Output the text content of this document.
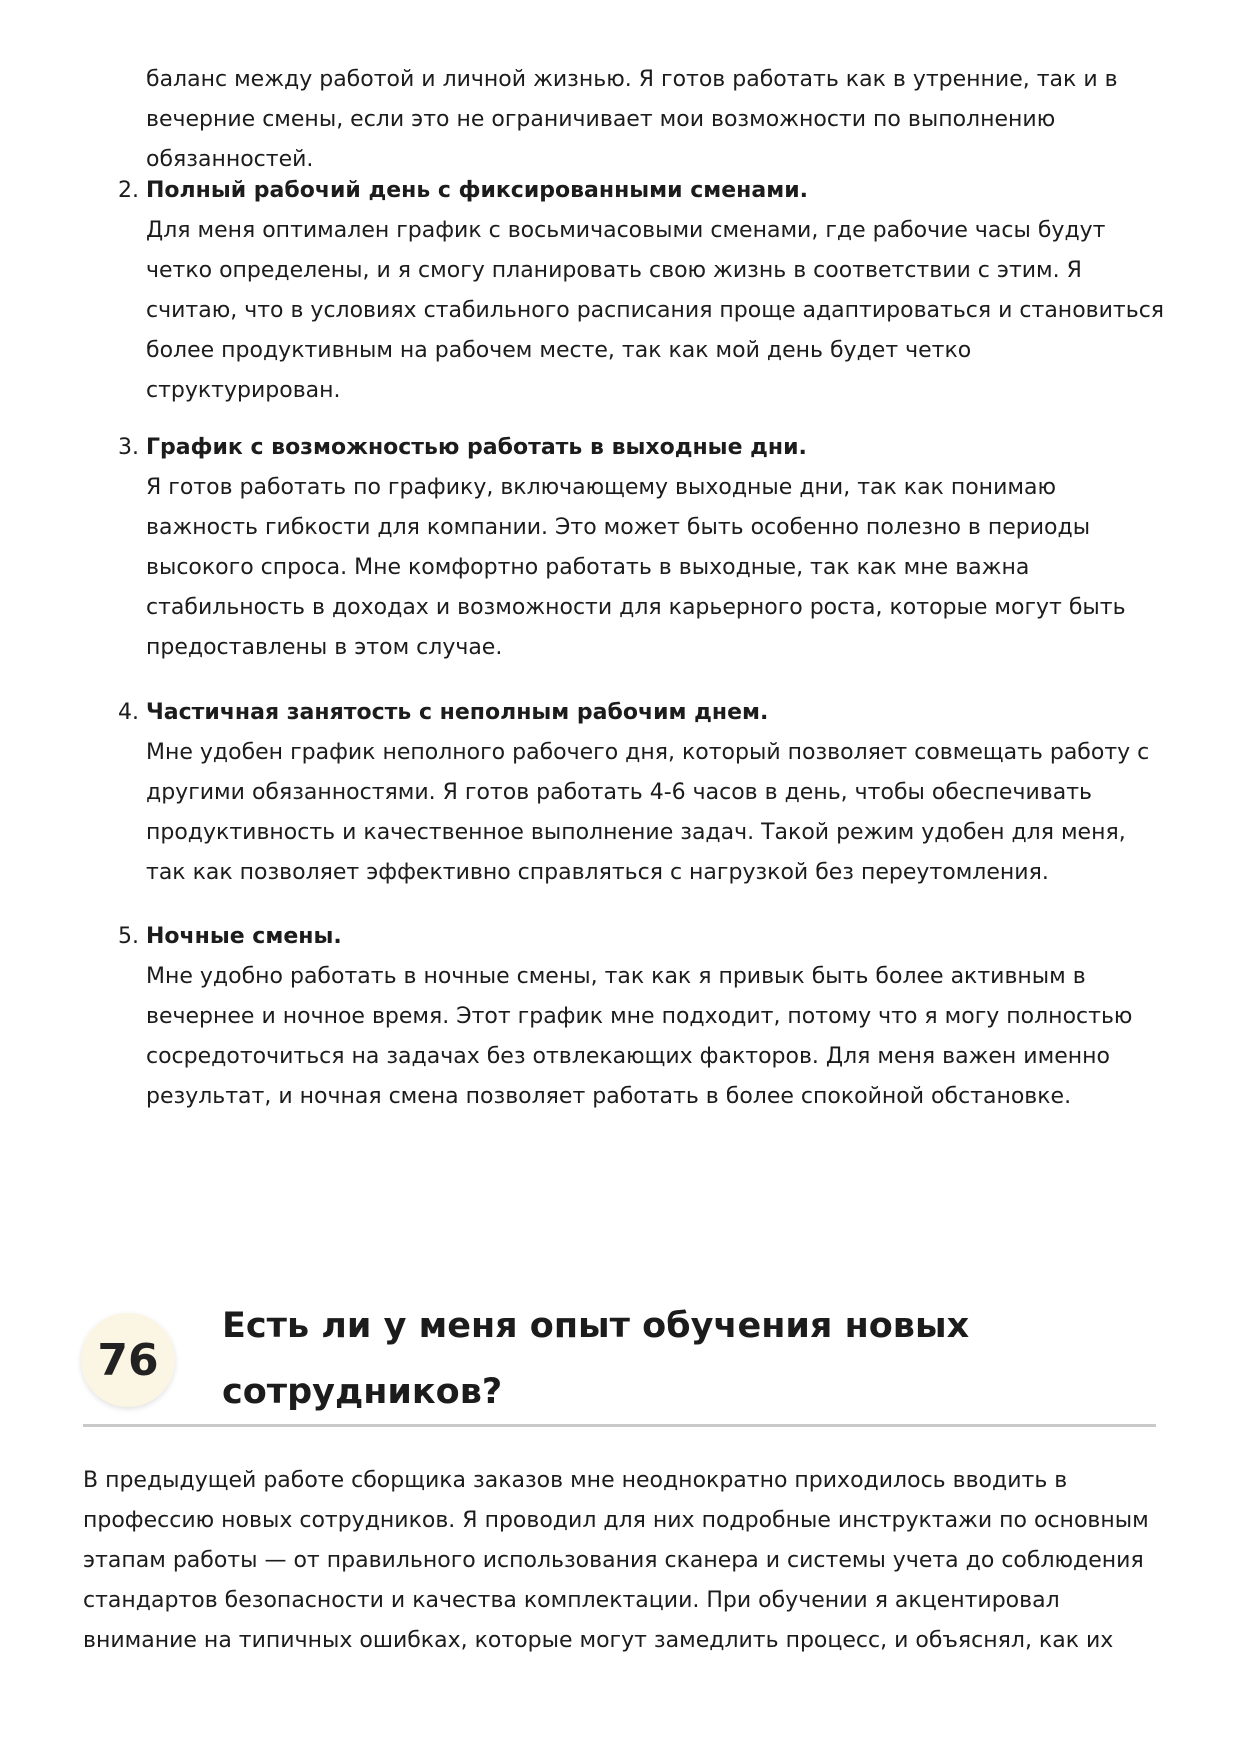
баланс между работой и личной жизнью. Я готов работать как в утренние, так и в вечерние смены, если это не ограничивает мои возможности по выполнению обязанностей.

2. Полный рабочий день с фиксированными сменами.

Для меня оптимален график с восьмичасовыми сменами, где рабочие часы будут четко определены, и я смогу планировать свою жизнь в соответствии с этим. Я считаю, что в условиях стабильного расписания проще адаптироваться и становиться более продуктивным на рабочем месте, так как мой день будет четко структурирован.

3. График с возможностью работать в выходные дни.

Я готов работать по графику, включающему выходные дни, так как понимаю важность гибкости для компании. Это может быть особенно полезно в периоды высокого спроса. Мне комфортно работать в выходные, так как мне важна стабильность в доходах и возможности для карьерного роста, которые могут быть предоставлены в этом случае.

4. Частичная занятость с неполным рабочим днем.

Мне удобен график неполного рабочего дня, который позволяет совмещать работу с другими обязанностями. Я готов работать 4-6 часов в день, чтобы обеспечивать продуктивность и качественное выполнение задач. Такой режим удобен для меня, так как позволяет эффективно справляться с нагрузкой без переутомления.

5. Ночные смены.

Мне удобно работать в ночные смены, так как я привык быть более активным в вечернее и ночное время. Этот график мне подходит, потому что я могу полностью сосредоточиться на задачах без отвлекающих факторов. Для меня важен именно результат, и ночная смена позволяет работать в более спокойной обстановке.

76
Есть ли у меня опыт обучения новых сотрудников?

В предыдущей работе сборщика заказов мне неоднократно приходилось вводить в профессию новых сотрудников. Я проводил для них подробные инструктажи по основным этапам работы — от правильного использования сканера и системы учета до соблюдения стандартов безопасности и качества комплектации. При обучении я акцентировал внимание на типичных ошибках, которые могут замедлить процесс, и объяснял, как их
